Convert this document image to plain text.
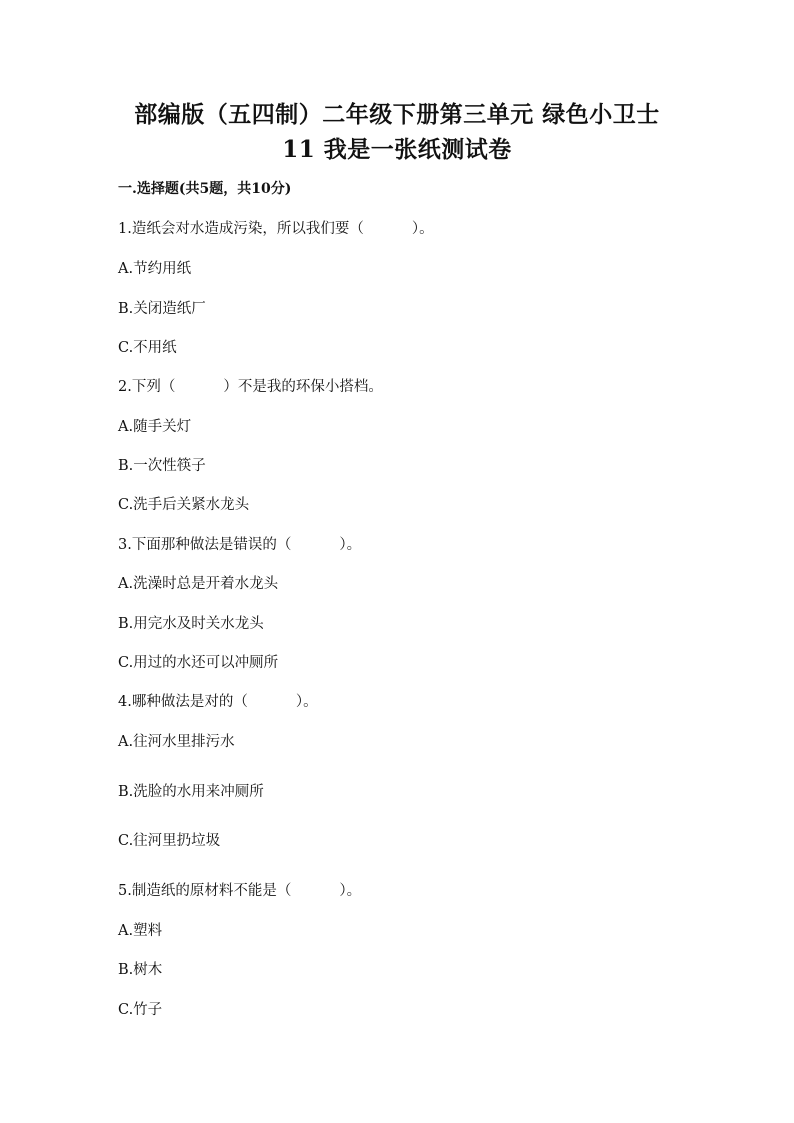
部编版（五四制）二年级下册第三单元 绿色小卫士
11 我是一张纸测试卷
一.选择题(共5题，共10分)
1.造纸会对水造成污染，所以我们要（	）。
A.节约用纸
B.关闭造纸厂
C.不用纸
2.下列（	）不是我的环保小搭档。
A.随手关灯
B.一次性筷子
C.洗手后关紧水龙头
3.下面那种做法是错误的（	）。
A.洗澡时总是开着水龙头
B.用完水及时关水龙头
C.用过的水还可以冲厕所
4.哪种做法是对的（	）。
A.往河水里排污水
B.洗脸的水用来冲厕所
C.往河里扔垃圾
5.制造纸的原材料不能是（	）。
A.塑料
B.树木
C.竹子
